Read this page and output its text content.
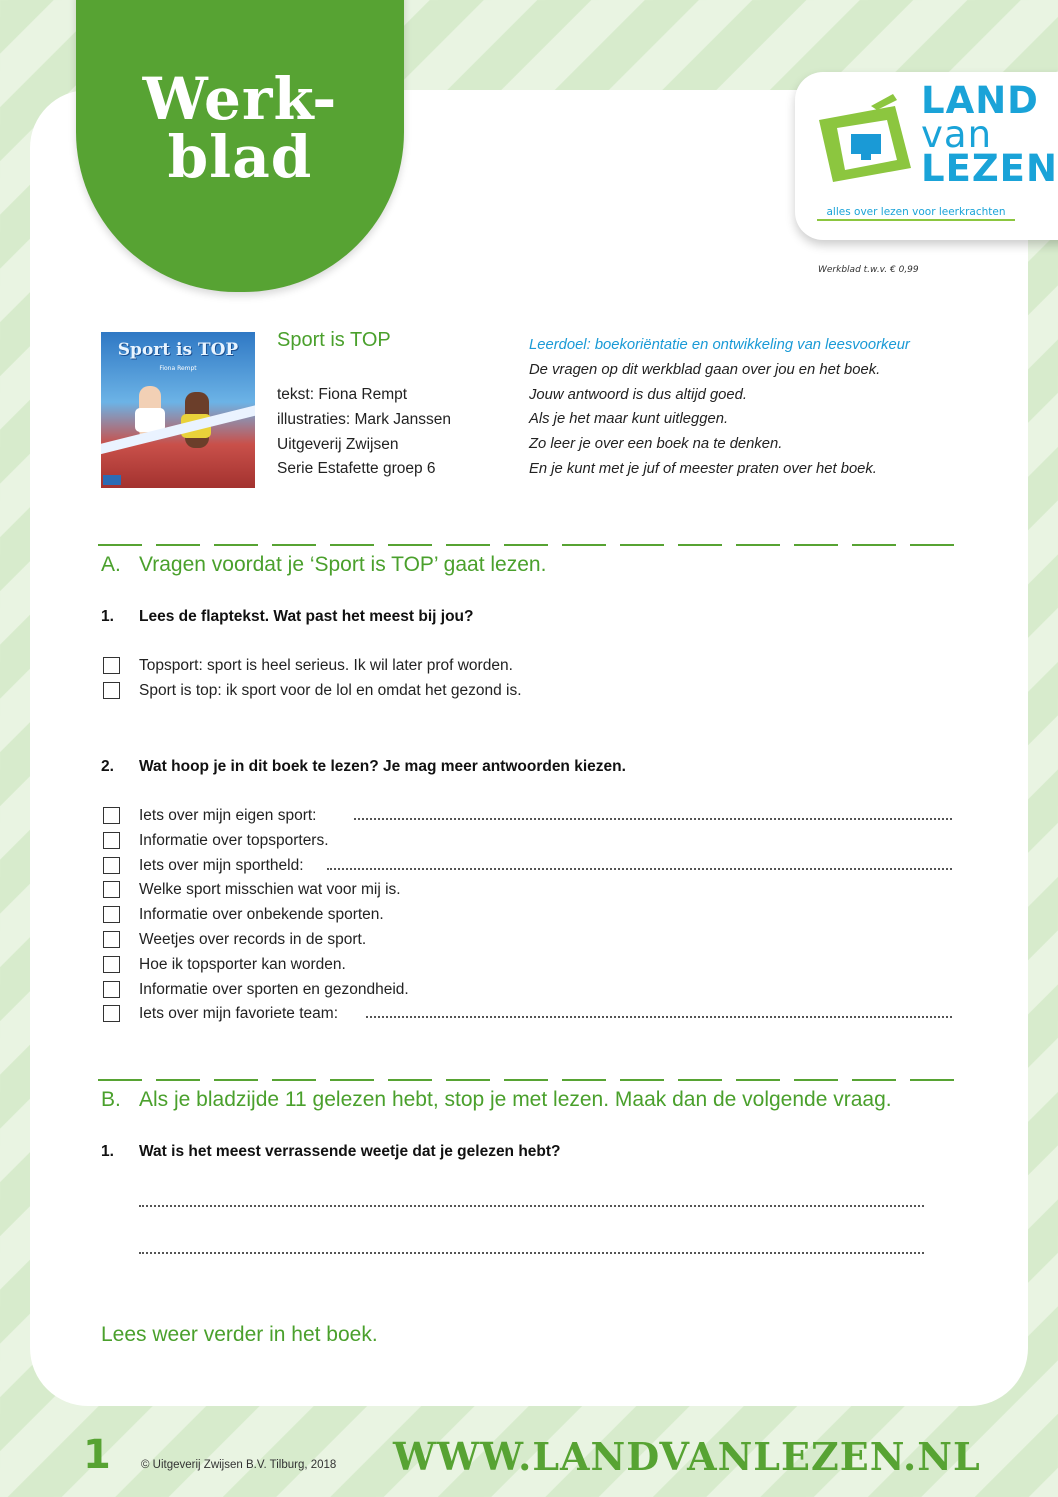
Werk-
blad
LAND
van
LEZEN
alles over lezen voor leerkrachten
Werkblad t.w.v. € 0,99
Sport is TOP
Fiona Rempt
Sport is TOP
tekst: Fiona Rempt
illustraties: Mark Janssen
Uitgeverij Zwijsen
Serie Estafette groep 6
Leerdoel: boekoriëntatie en ontwikkeling van leesvoorkeur
De vragen op dit werkblad gaan over jou en het boek.
Jouw antwoord is dus altijd goed.
Als je het maar kunt uitleggen.
Zo leer je over een boek na te denken.
En je kunt met je juf of meester praten over het boek.
A. Vragen voordat je ‘Sport is TOP’ gaat lezen.
1. Lees de flaptekst. Wat past het meest bij jou?
Topsport: sport is heel serieus. Ik wil later prof worden.
Sport is top: ik sport voor de lol en omdat het gezond is.
2. Wat hoop je in dit boek te lezen? Je mag meer antwoorden kiezen.
Iets over mijn eigen sport:
Informatie over topsporters.
Iets over mijn sportheld:
Welke sport misschien wat voor mij is.
Informatie over onbekende sporten.
Weetjes over records in de sport.
Hoe ik topsporter kan worden.
Informatie over sporten en gezondheid.
Iets over mijn favoriete team:
B. Als je bladzijde 11 gelezen hebt, stop je met lezen. Maak dan de volgende vraag.
1. Wat is het meest verrassende weetje dat je gelezen hebt?
Lees weer verder in het boek.
1	© Uitgeverij Zwijsen B.V. Tilburg, 2018 WWW.LANDVANLEZEN.NL
